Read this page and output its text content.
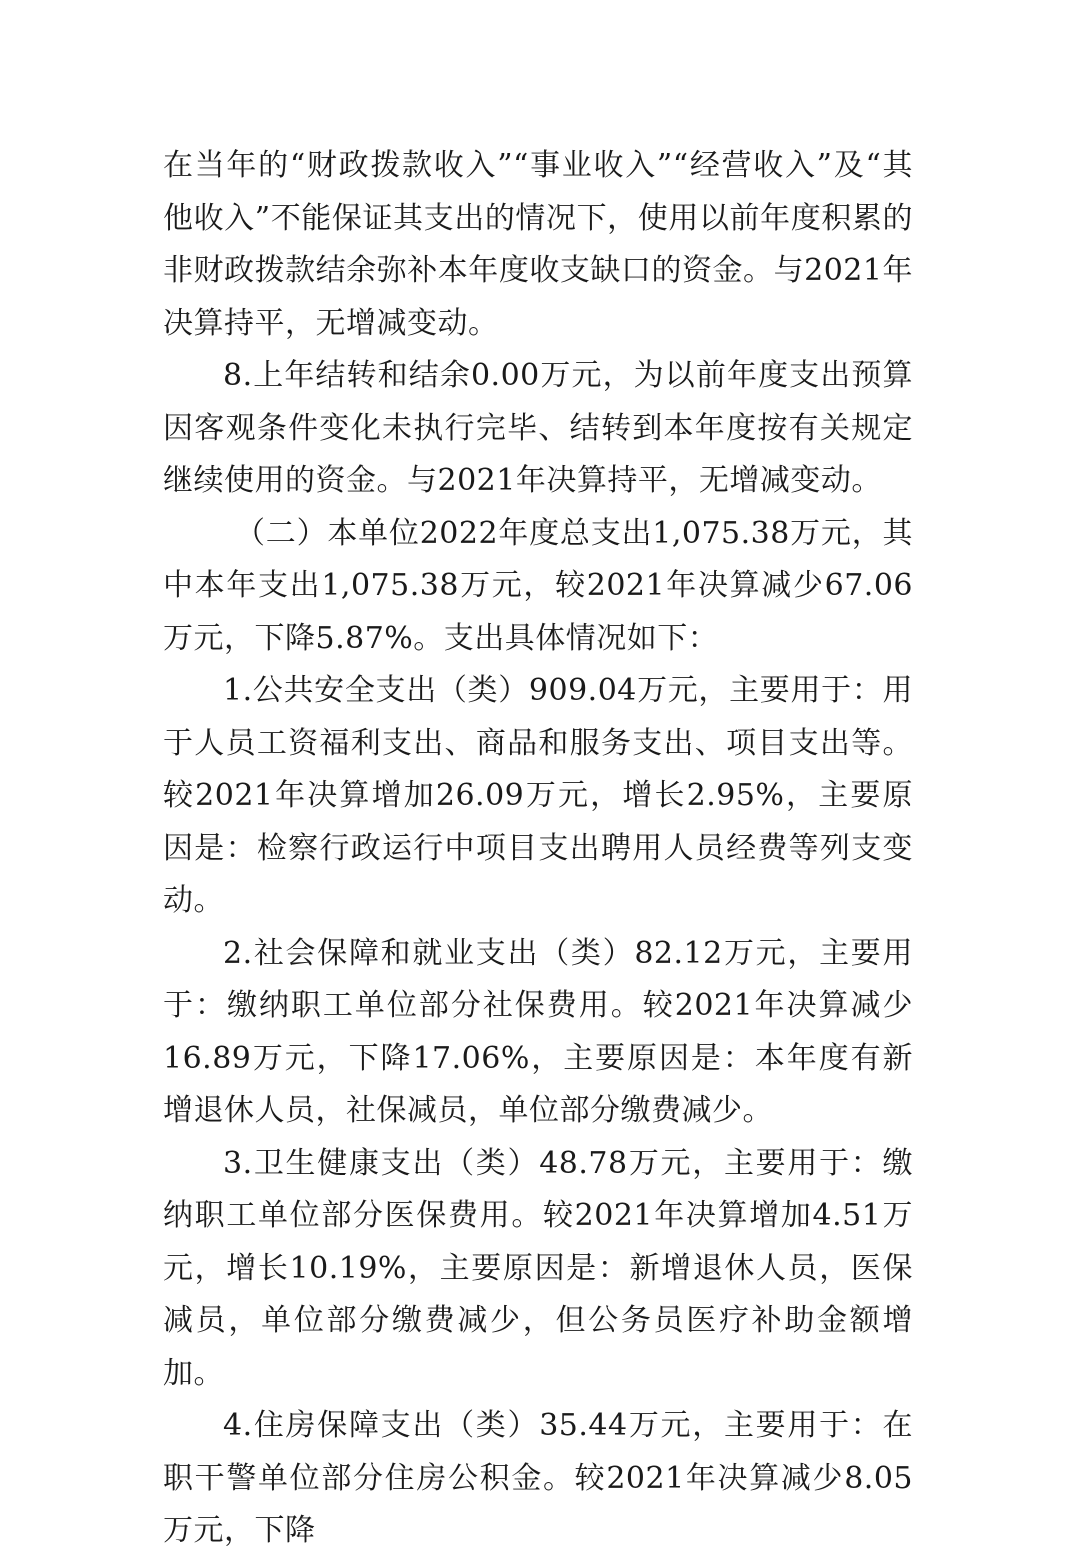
在当年的“财政拨款收入”“事业收入”“经营收入”及“其他收入”不能保证其支出的情况下，使用以前年度积累的非财政拨款结余弥补本年度收支缺口的资金。与2021年决算持平，无增减变动。

8.上年结转和结余0.00万元，为以前年度支出预算因客观条件变化未执行完毕、结转到本年度按有关规定继续使用的资金。与2021年决算持平，无增减变动。

（二）本单位2022年度总支出1,075.38万元，其中本年支出1,075.38万元，较2021年决算减少67.06万元，下降5.87%。支出具体情况如下：

1.公共安全支出（类）909.04万元，主要用于：用于人员工资福利支出、商品和服务支出、项目支出等。较2021年决算增加26.09万元，增长2.95%，主要原因是：检察行政运行中项目支出聘用人员经费等列支变动。

2.社会保障和就业支出（类）82.12万元，主要用于：缴纳职工单位部分社保费用。较2021年决算减少16.89万元，下降17.06%，主要原因是：本年度有新增退休人员，社保减员，单位部分缴费减少。

3.卫生健康支出（类）48.78万元，主要用于：缴纳职工单位部分医保费用。较2021年决算增加4.51万元，增长10.19%，主要原因是：新增退休人员，医保减员，单位部分缴费减少，但公务员医疗补助金额增加。

4.住房保障支出（类）35.44万元，主要用于：在职干警单位部分住房公积金。较2021年决算减少8.05万元，下降
